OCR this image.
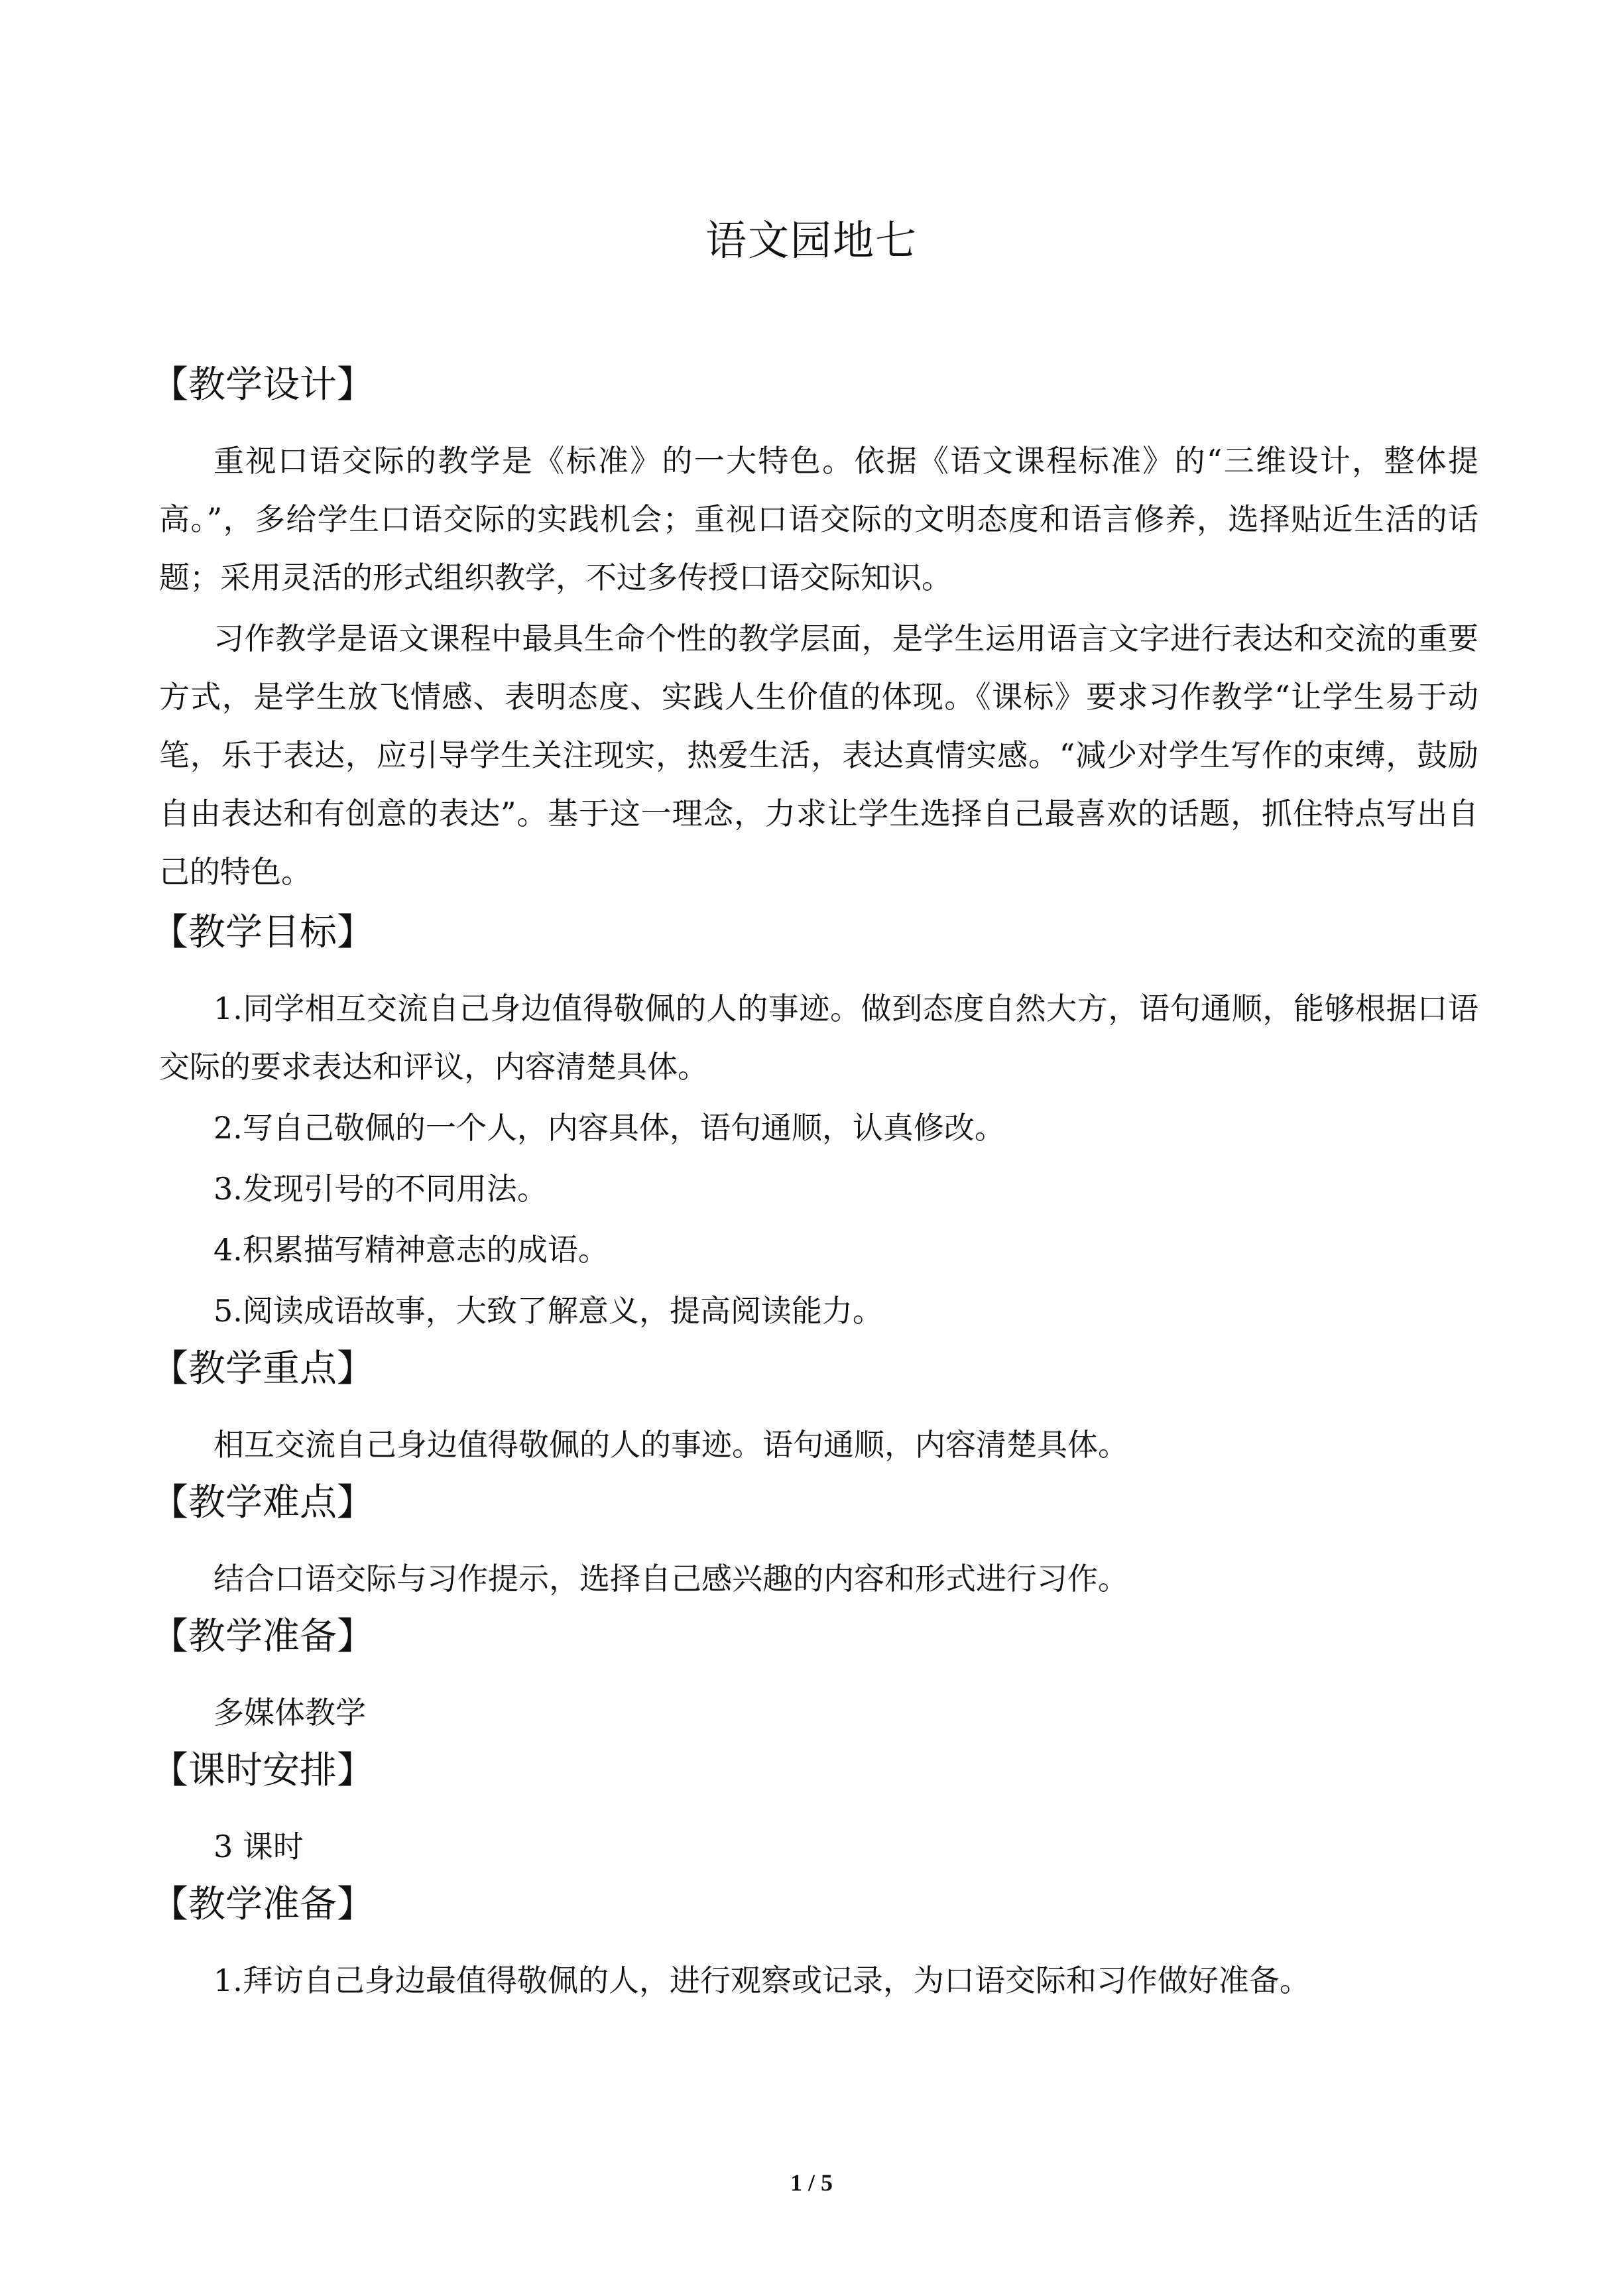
语文园地七
【教学设计】
重视口语交际的教学是《标准》的一大特色。依据《语文课程标准》的“三维设计，整体提高。”，多给学生口语交际的实践机会；重视口语交际的文明态度和语言修养，选择贴近生活的话题；采用灵活的形式组织教学，不过多传授口语交际知识。
习作教学是语文课程中最具生命个性的教学层面，是学生运用语言文字进行表达和交流的重要方式，是学生放飞情感、表明态度、实践人生价值的体现。《课标》要求习作教学“让学生易于动笔，乐于表达，应引导学生关注现实，热爱生活，表达真情实感。“减少对学生写作的束缚，鼓励自由表达和有创意的表达”。基于这一理念，力求让学生选择自己最喜欢的话题，抓住特点写出自己的特色。
【教学目标】
1.同学相互交流自己身边值得敬佩的人的事迹。做到态度自然大方，语句通顺，能够根据口语交际的要求表达和评议，内容清楚具体。
2.写自己敬佩的一个人，内容具体，语句通顺，认真修改。
3.发现引号的不同用法。
4.积累描写精神意志的成语。
5.阅读成语故事，大致了解意义，提高阅读能力。
【教学重点】
相互交流自己身边值得敬佩的人的事迹。语句通顺，内容清楚具体。
【教学难点】
结合口语交际与习作提示，选择自己感兴趣的内容和形式进行习作。
【教学准备】
多媒体教学
【课时安排】
3 课时
【教学准备】
1.拜访自己身边最值得敬佩的人，进行观察或记录，为口语交际和习作做好准备。
1 / 5
